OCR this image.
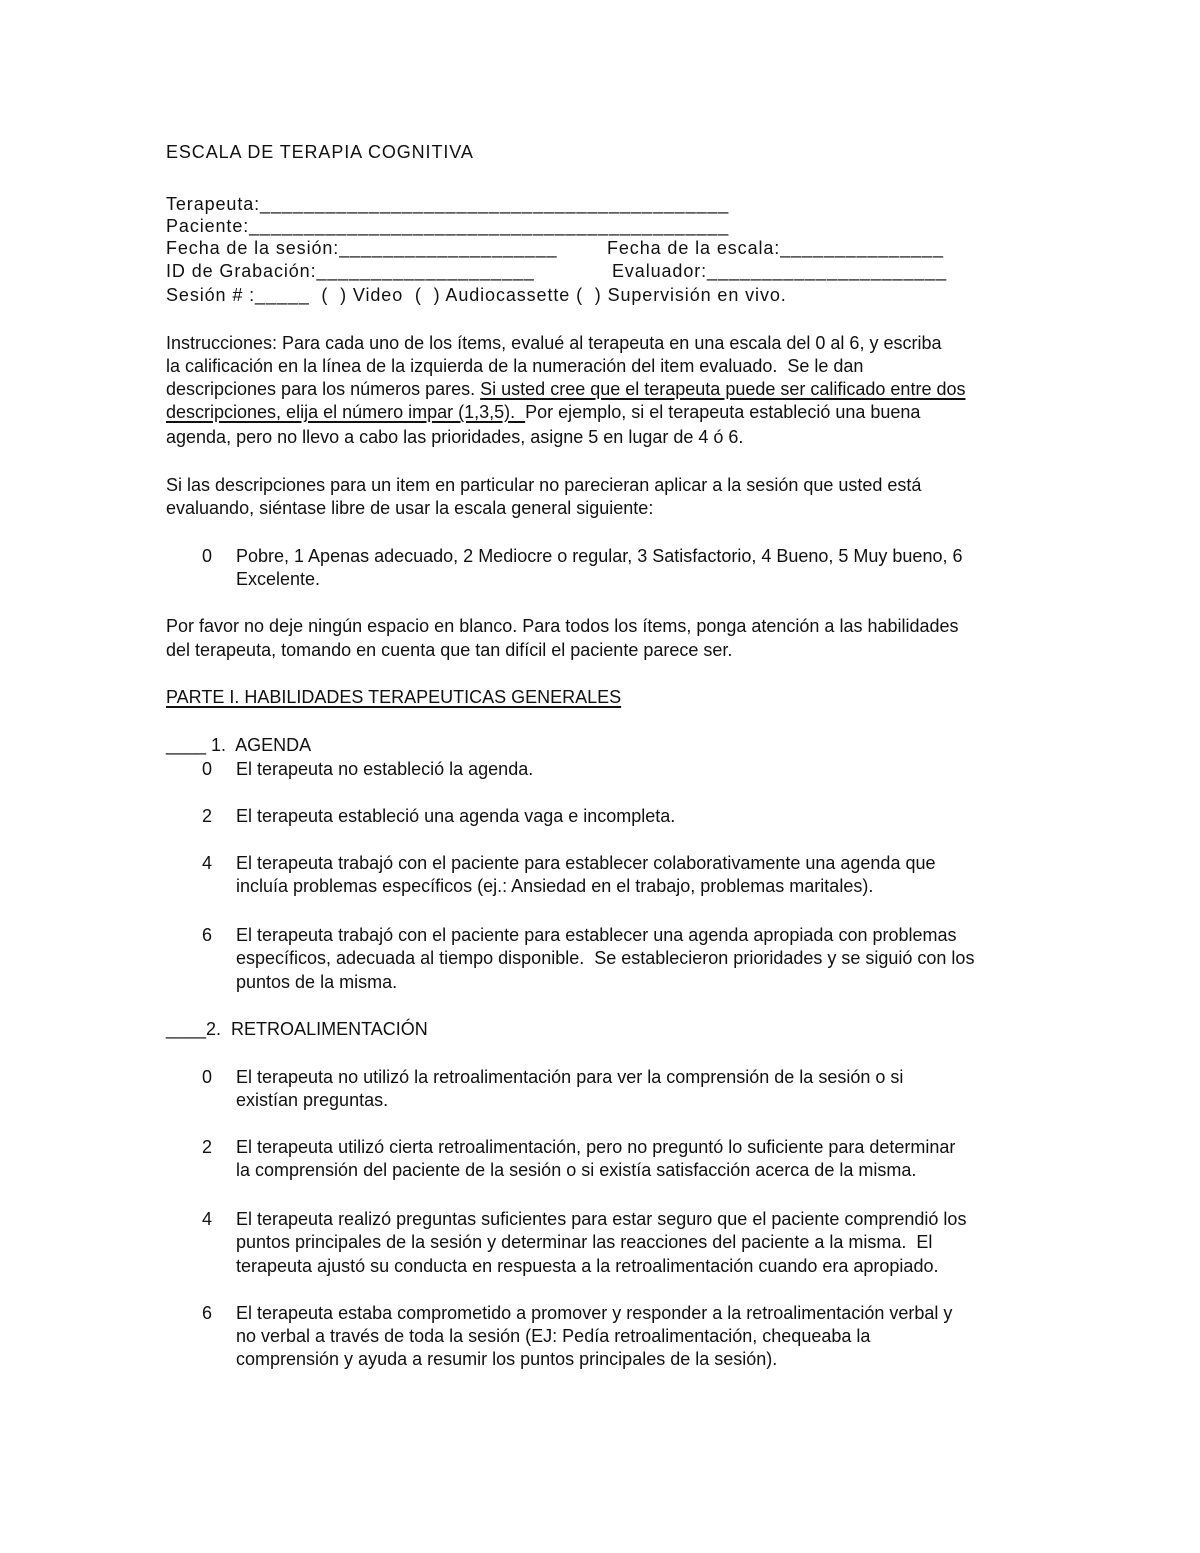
ESCALA DE TERAPIA COGNITIVA
Terapeuta:___________________________________________
Paciente:____________________________________________
Fecha de la sesión:____________________	Fecha de la escala:_______________
ID de Grabación:____________________	Evaluador:______________________
Sesión # :_____  (  ) Video  (  ) Audiocassette (  ) Supervisión en vivo.
Instrucciones: Para cada uno de los ítems, evalué al terapeuta en una escala del 0 al 6, y escriba
la calificación en la línea de la izquierda de la numeración del item evaluado.  Se le dan
descripciones para los números pares. Si usted cree que el terapeuta puede ser calificado entre dos
descripciones, elija el número impar (1,3,5).  Por ejemplo, si el terapeuta estableció una buena
agenda, pero no llevo a cabo las prioridades, asigne 5 en lugar de 4 ó 6.
Si las descripciones para un item en particular no parecieran aplicar a la sesión que usted está
evaluando, siéntase libre de usar la escala general siguiente:
0 Pobre, 1 Apenas adecuado, 2 Mediocre o regular, 3 Satisfactorio, 4 Bueno, 5 Muy bueno, 6
Excelente.
Por favor no deje ningún espacio en blanco. Para todos los ítems, ponga atención a las habilidades
del terapeuta, tomando en cuenta que tan difícil el paciente parece ser.
PARTE I. HABILIDADES TERAPEUTICAS GENERALES
____ 1.  AGENDA
0 El terapeuta no estableció la agenda.
2 El terapeuta estableció una agenda vaga e incompleta.
4 El terapeuta trabajó con el paciente para establecer colaborativamente una agenda que
incluía problemas específicos (ej.: Ansiedad en el trabajo, problemas maritales).
6 El terapeuta trabajó con el paciente para establecer una agenda apropiada con problemas
específicos, adecuada al tiempo disponible.  Se establecieron prioridades y se siguió con los
puntos de la misma.
____2.  RETROALIMENTACIÓN
0 El terapeuta no utilizó la retroalimentación para ver la comprensión de la sesión o si
existían preguntas.
2 El terapeuta utilizó cierta retroalimentación, pero no preguntó lo suficiente para determinar
la comprensión del paciente de la sesión o si existía satisfacción acerca de la misma.
4 El terapeuta realizó preguntas suficientes para estar seguro que el paciente comprendió los
puntos principales de la sesión y determinar las reacciones del paciente a la misma.  El
terapeuta ajustó su conducta en respuesta a la retroalimentación cuando era apropiado.
6 El terapeuta estaba comprometido a promover y responder a la retroalimentación verbal y
no verbal a través de toda la sesión (EJ: Pedía retroalimentación, chequeaba la
comprensión y ayuda a resumir los puntos principales de la sesión).
